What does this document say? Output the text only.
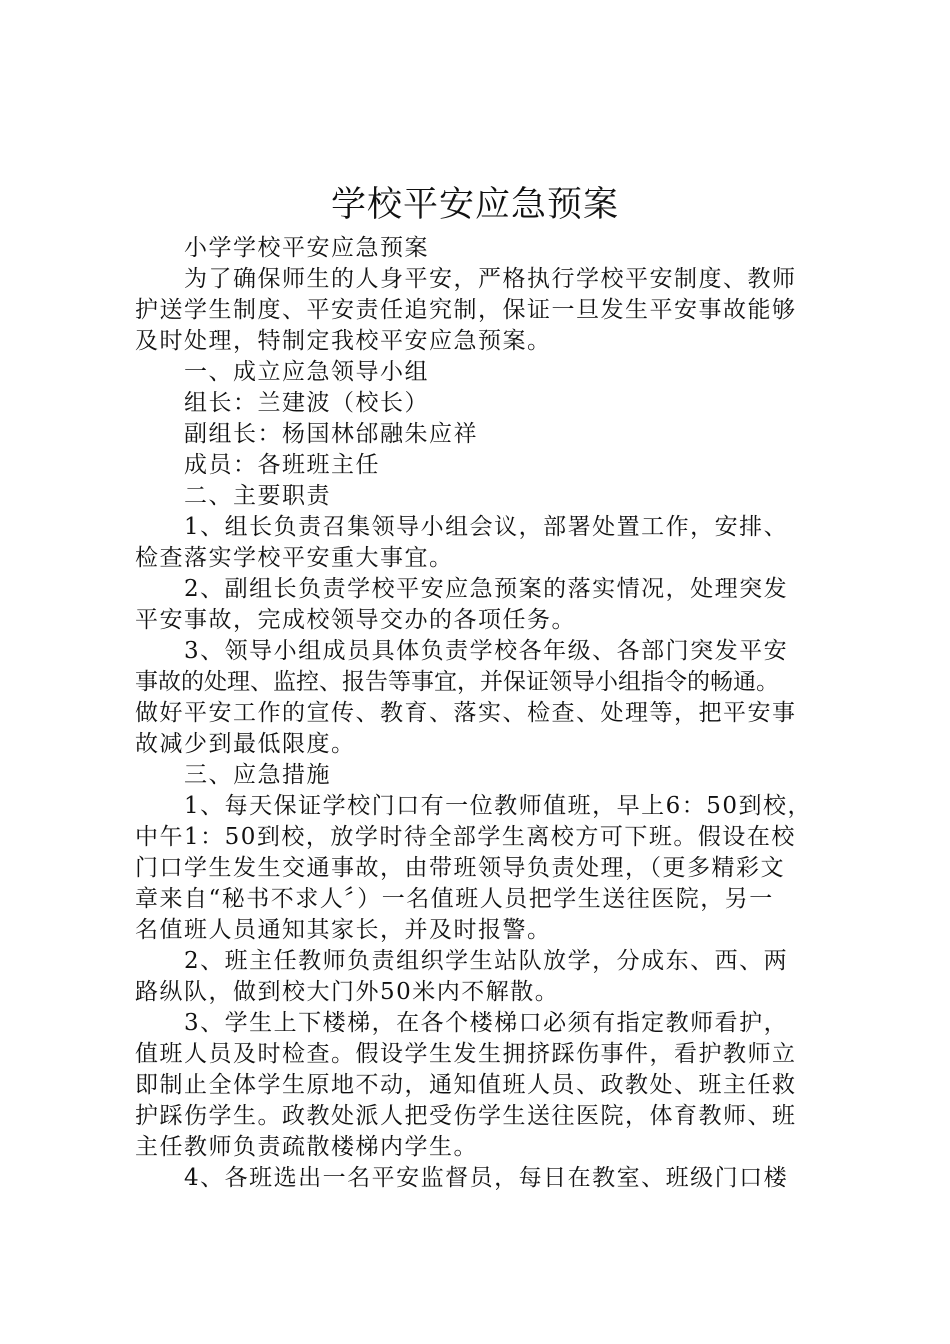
学校平安应急预案
小学学校平安应急预案
为了确保师生的人身平安，严格执行学校平安制度、教师
护送学生制度、平安责任追究制，保证一旦发生平安事故能够
及时处理，特制定我校平安应急预案。
一、成立应急领导小组
组长：兰建波（校长）
副组长：杨国林邰融朱应祥
成员：各班班主任
二、主要职责
1、组长负责召集领导小组会议，部署处置工作，安排、
检查落实学校平安重大事宜。
2、副组长负责学校平安应急预案的落实情况，处理突发
平安事故，完成校领导交办的各项任务。
3、领导小组成员具体负责学校各年级、各部门突发平安
事故的处理、监控、报告等事宜，并保证领导小组指令的畅通。
做好平安工作的宣传、教育、落实、检查、处理等，把平安事
故减少到最低限度。
三、应急措施
1、每天保证学校门口有一位教师值班，早上6：50到校，
中午1：50到校，放学时待全部学生离校方可下班。假设在校
门口学生发生交通事故，由带班领导负责处理，（更多精彩文
章来自“秘书不求人〞）一名值班人员把学生送往医院，另一
名值班人员通知其家长，并及时报警。
2、班主任教师负责组织学生站队放学，分成东、西、两
路纵队，做到校大门外50米内不解散。
3、学生上下楼梯，在各个楼梯口必须有指定教师看护，
值班人员及时检查。假设学生发生拥挤踩伤事件，看护教师立
即制止全体学生原地不动，通知值班人员、政教处、班主任救
护踩伤学生。政教处派人把受伤学生送往医院，体育教师、班
主任教师负责疏散楼梯内学生。
4、各班选出一名平安监督员，每日在教室、班级门口楼
